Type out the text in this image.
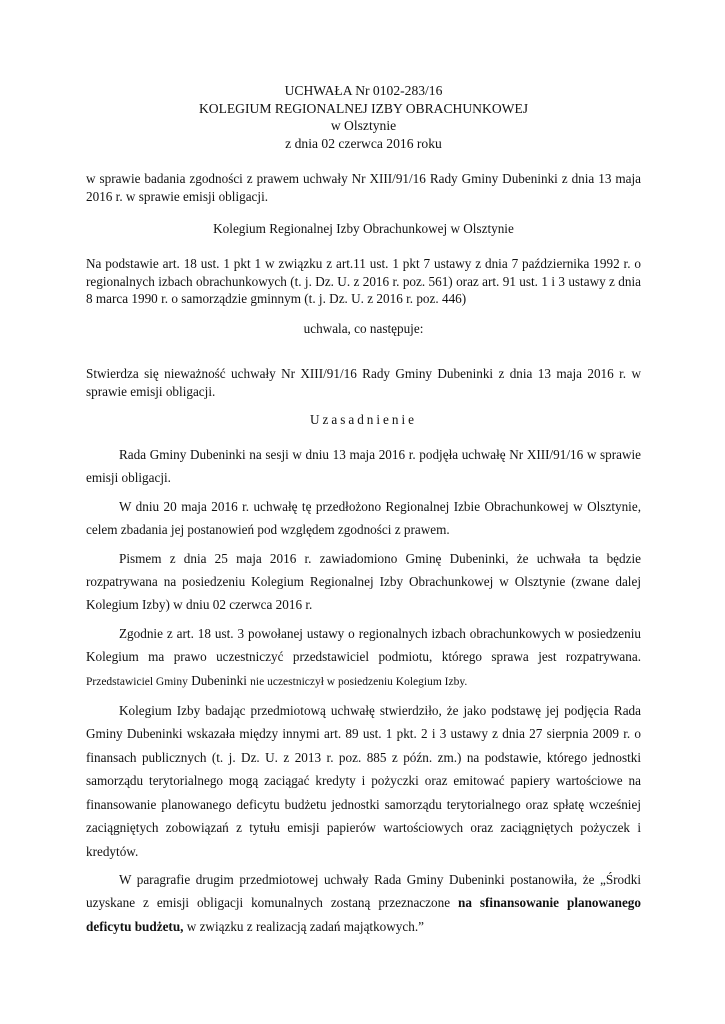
UCHWAŁA Nr 0102-283/16
KOLEGIUM REGIONALNEJ IZBY OBRACHUNKOWEJ
w Olsztynie
z dnia 02 czerwca 2016 roku
w sprawie badania zgodności z prawem uchwały Nr XIII/91/16 Rady Gminy Dubeninki z dnia 13 maja 2016 r. w sprawie emisji obligacji.
Kolegium Regionalnej Izby Obrachunkowej w Olsztynie
Na podstawie art. 18 ust. 1 pkt 1 w związku z art.11 ust. 1 pkt 7 ustawy z dnia 7 października 1992 r. o regionalnych izbach obrachunkowych (t. j. Dz. U. z 2016 r. poz. 561) oraz art. 91 ust. 1 i 3 ustawy z dnia 8 marca 1990 r. o samorządzie gminnym (t. j. Dz. U. z 2016 r. poz. 446)
uchwala, co następuje:
Stwierdza się nieważność uchwały Nr XIII/91/16 Rady Gminy Dubeninki z dnia 13 maja 2016 r. w sprawie emisji obligacji.
Uzasadnienie

Rada Gminy Dubeninki na sesji w dniu 13 maja 2016 r. podjęła uchwałę Nr XIII/91/16 w sprawie emisji obligacji.

W dniu 20 maja 2016 r. uchwałę tę przedłożono Regionalnej Izbie Obrachunkowej w Olsztynie, celem zbadania jej postanowień pod względem zgodności z prawem.

Pismem z dnia 25 maja 2016 r. zawiadomiono Gminę Dubeninki, że uchwała ta będzie rozpatrywana na posiedzeniu Kolegium Regionalnej Izby Obrachunkowej w Olsztynie (zwane dalej Kolegium Izby) w dniu 02 czerwca 2016 r.

Zgodnie z art. 18 ust. 3 powołanej ustawy o regionalnych izbach obrachunkowych w posiedzeniu Kolegium ma prawo uczestniczyć przedstawiciel podmiotu, którego sprawa jest rozpatrywana. Przedstawiciel Gminy Dubeninki nie uczestniczył w posiedzeniu Kolegium Izby.

Kolegium Izby badając przedmiotową uchwałę stwierdziło, że jako podstawę jej podjęcia Rada Gminy Dubeninki wskazała między innymi art. 89 ust. 1 pkt. 2 i 3 ustawy z dnia 27 sierpnia 2009 r. o finansach publicznych (t. j. Dz. U. z 2013 r. poz. 885 z późn. zm.) na podstawie, którego jednostki samorządu terytorialnego mogą zaciągać kredyty i pożyczki oraz emitować papiery wartościowe na finansowanie planowanego deficytu budżetu jednostki samorządu terytorialnego oraz spłatę wcześniej zaciągniętych zobowiązań z tytułu emisji papierów wartościowych oraz zaciągniętych pożyczek i kredytów.

W paragrafie drugim przedmiotowej uchwały Rada Gminy Dubeninki postanowiła, że „Środki uzyskane z emisji obligacji komunalnych zostaną przeznaczone na sfinansowanie planowanego deficytu budżetu, w związku z realizacją zadań majątkowych.”
